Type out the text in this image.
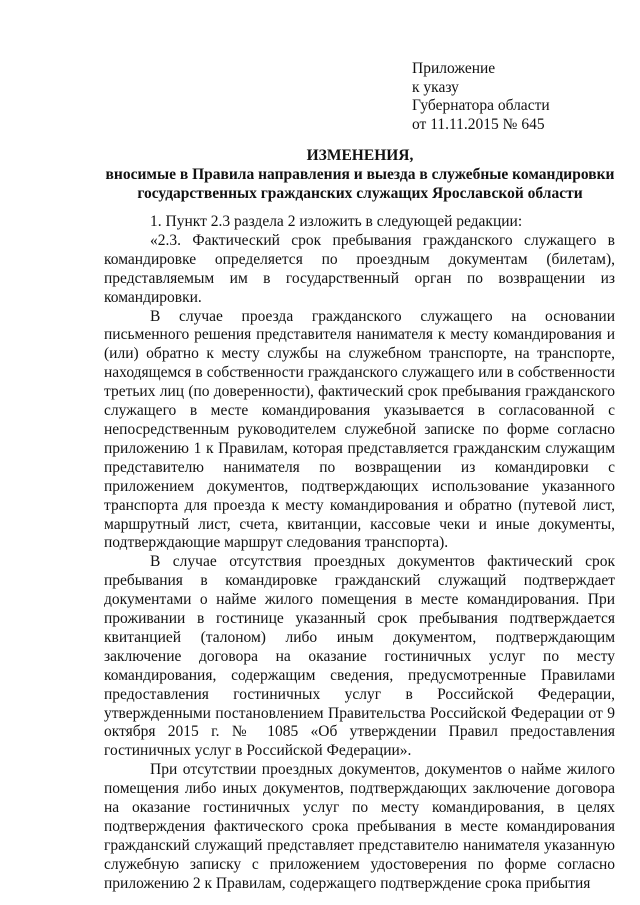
Приложение
к указу
Губернатора области
от 11.11.2015 № 645
ИЗМЕНЕНИЯ,
вносимые в Правила направления и выезда в служебные командировки
государственных гражданских служащих Ярославской области

1. Пункт 2.3 раздела 2 изложить в следующей редакции:

«2.3. Фактический срок пребывания гражданского служащего в командировке определяется по проездным документам (билетам), представляемым им в государственный орган по возвращении из командировки.

В случае проезда гражданского служащего на основании письменного решения представителя нанимателя к месту командирования и (или) обратно к месту службы на служебном транспорте, на транспорте, находящемся в собственности гражданского служащего или в собственности третьих лиц (по доверенности), фактический срок пребывания гражданского служащего в месте командирования указывается в согласованной с непосредственным руководителем служебной записке по форме согласно приложению 1 к Правилам, которая представляется гражданским служащим представителю нанимателя по возвращении из командировки с приложением документов, подтверждающих использование указанного транспорта для проезда к месту командирования и обратно (путевой лист, маршрутный лист, счета, квитанции, кассовые чеки и иные документы, подтверждающие маршрут следования транспорта).

В случае отсутствия проездных документов фактический срок пребывания в командировке гражданский служащий подтверждает документами о найме жилого помещения в месте командирования. При проживании в гостинице указанный срок пребывания подтверждается квитанцией (талоном) либо иным документом, подтверждающим заключение договора на оказание гостиничных услуг по месту командирования, содержащим сведения, предусмотренные Правилами предоставления гостиничных услуг в Российской Федерации, утвержденными постановлением Правительства Российской Федерации от 9 октября 2015 г. № 1085 «Об утверждении Правил предоставления гостиничных услуг в Российской Федерации».

При отсутствии проездных документов, документов о найме жилого помещения либо иных документов, подтверждающих заключение договора на оказание гостиничных услуг по месту командирования, в целях подтверждения фактического срока пребывания в месте командирования гражданский служащий представляет представителю нанимателя указанную служебную записку с приложением удостоверения по форме согласно приложению 2 к Правилам, содержащего подтверждение срока прибытия
